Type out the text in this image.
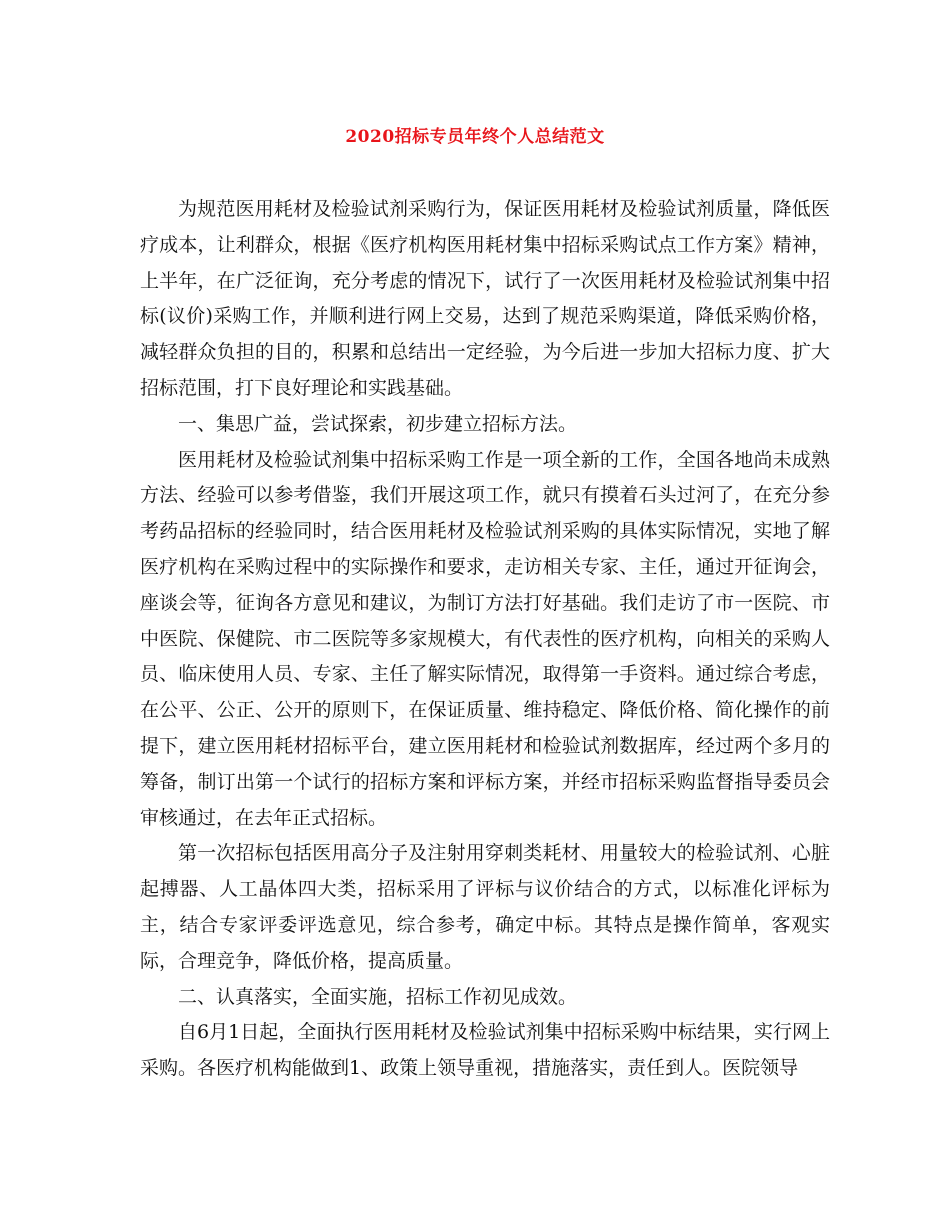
2020招标专员年终个人总结范文

为规范医用耗材及检验试剂采购行为，保证医用耗材及检验试剂质量，降低医疗成本，让利群众，根据《医疗机构医用耗材集中招标采购试点工作方案》精神，上半年，在广泛征询，充分考虑的情况下，试行了一次医用耗材及检验试剂集中招标(议价)采购工作，并顺利进行网上交易，达到了规范采购渠道，降低采购价格，减轻群众负担的目的，积累和总结出一定经验，为今后进一步加大招标力度、扩大招标范围，打下良好理论和实践基础。

一、集思广益，尝试探索，初步建立招标方法。

医用耗材及检验试剂集中招标采购工作是一项全新的工作，全国各地尚未成熟方法、经验可以参考借鉴，我们开展这项工作，就只有摸着石头过河了，在充分参考药品招标的经验同时，结合医用耗材及检验试剂采购的具体实际情况，实地了解医疗机构在采购过程中的实际操作和要求，走访相关专家、主任，通过开征询会，座谈会等，征询各方意见和建议，为制订方法打好基础。我们走访了市一医院、市中医院、保健院、市二医院等多家规模大，有代表性的医疗机构，向相关的采购人员、临床使用人员、专家、主任了解实际情况，取得第一手资料。通过综合考虑，在公平、公正、公开的原则下，在保证质量、维持稳定、降低价格、简化操作的前提下，建立医用耗材招标平台，建立医用耗材和检验试剂数据库，经过两个多月的筹备，制订出第一个试行的招标方案和评标方案，并经市招标采购监督指导委员会审核通过，在去年正式招标。

第一次招标包括医用高分子及注射用穿刺类耗材、用量较大的检验试剂、心脏起搏器、人工晶体四大类，招标采用了评标与议价结合的方式，以标准化评标为主，结合专家评委评选意见，综合参考，确定中标。其特点是操作简单，客观实际，合理竞争，降低价格，提高质量。

二、认真落实，全面实施，招标工作初见成效。

自6月1日起，全面执行医用耗材及检验试剂集中招标采购中标结果，实行网上采购。各医疗机构能做到1、政策上领导重视，措施落实，责任到人。医院领导
